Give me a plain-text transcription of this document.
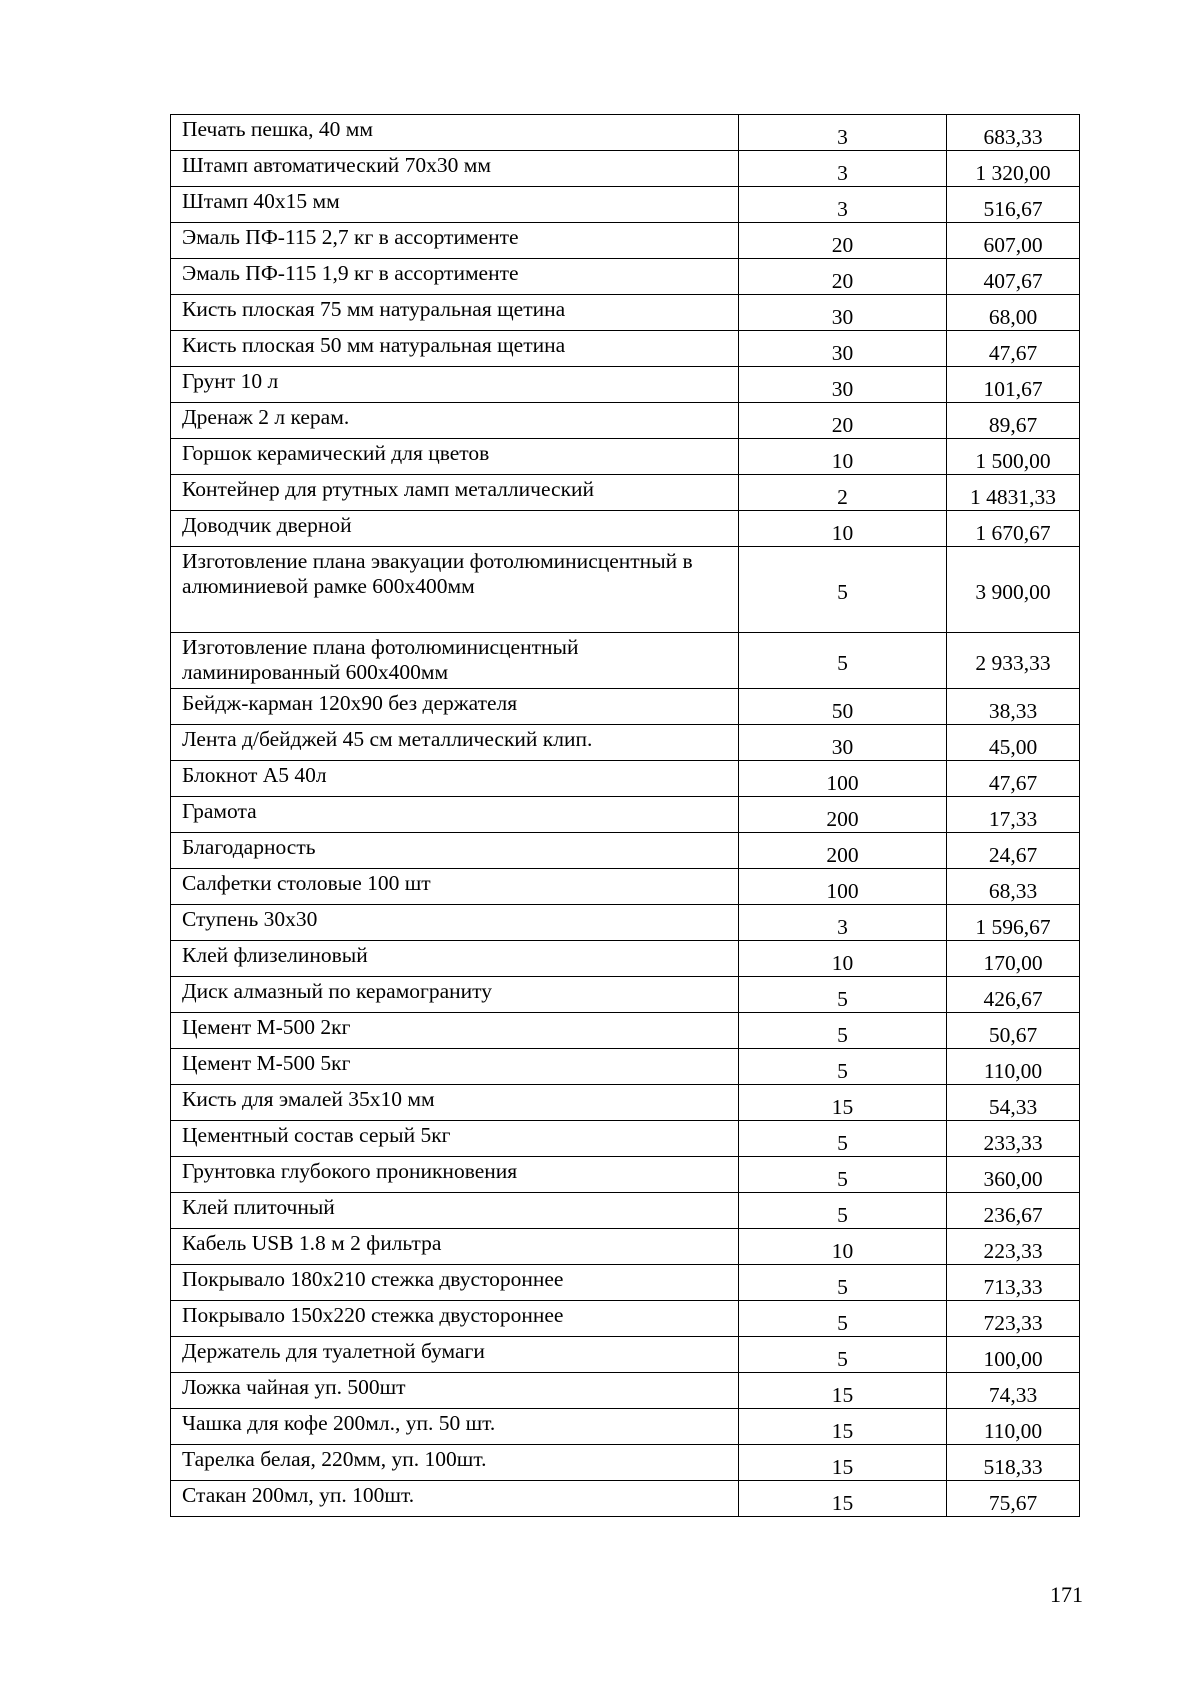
Печать пешка, 40 мм	3	683,33
Штамп автоматический 70х30 мм	3	1 320,00
Штамп 40х15 мм	3	516,67
Эмаль ПФ-115 2,7 кг в ассортименте	20	607,00
Эмаль ПФ-115 1,9 кг в ассортименте	20	407,67
Кисть плоская 75 мм натуральная щетина	30	68,00
Кисть плоская 50 мм натуральная щетина	30	47,67
Грунт 10 л	30	101,67
Дренаж 2 л керам.	20	89,67
Горшок керамический для цветов	10	1 500,00
Контейнер для ртутных ламп металлический	2	1 4831,33
Доводчик дверной	10	1 670,67
Изготовление плана эвакуации фотолюминисцентный в алюминиевой рамке 600х400мм	5	3 900,00
Изготовление плана фотолюминисцентный ламинированный 600х400мм	5	2 933,33
Бейдж-карман 120х90 без держателя	50	38,33
Лента д/бейджей 45 см металлический клип.	30	45,00
Блокнот А5 40л	100	47,67
Грамота	200	17,33
Благодарность	200	24,67
Салфетки столовые 100 шт	100	68,33
Ступень 30х30	3	1 596,67
Клей флизелиновый	10	170,00
Диск алмазный по керамограниту	5	426,67
Цемент М-500 2кг	5	50,67
Цемент М-500 5кг	5	110,00
Кисть для эмалей 35х10 мм	15	54,33
Цементный состав серый 5кг	5	233,33
Грунтовка глубокого проникновения	5	360,00
Клей плиточный	5	236,67
Кабель USB 1.8 м 2 фильтра	10	223,33
Покрывало 180х210 стежка двустороннее	5	713,33
Покрывало 150х220 стежка двустороннее	5	723,33
Держатель для туалетной бумаги	5	100,00
Ложка чайная уп. 500шт	15	74,33
Чашка для кофе 200мл., уп. 50 шт.	15	110,00
Тарелка белая, 220мм, уп. 100шт.	15	518,33
Стакан 200мл, уп. 100шт.	15	75,67
171
